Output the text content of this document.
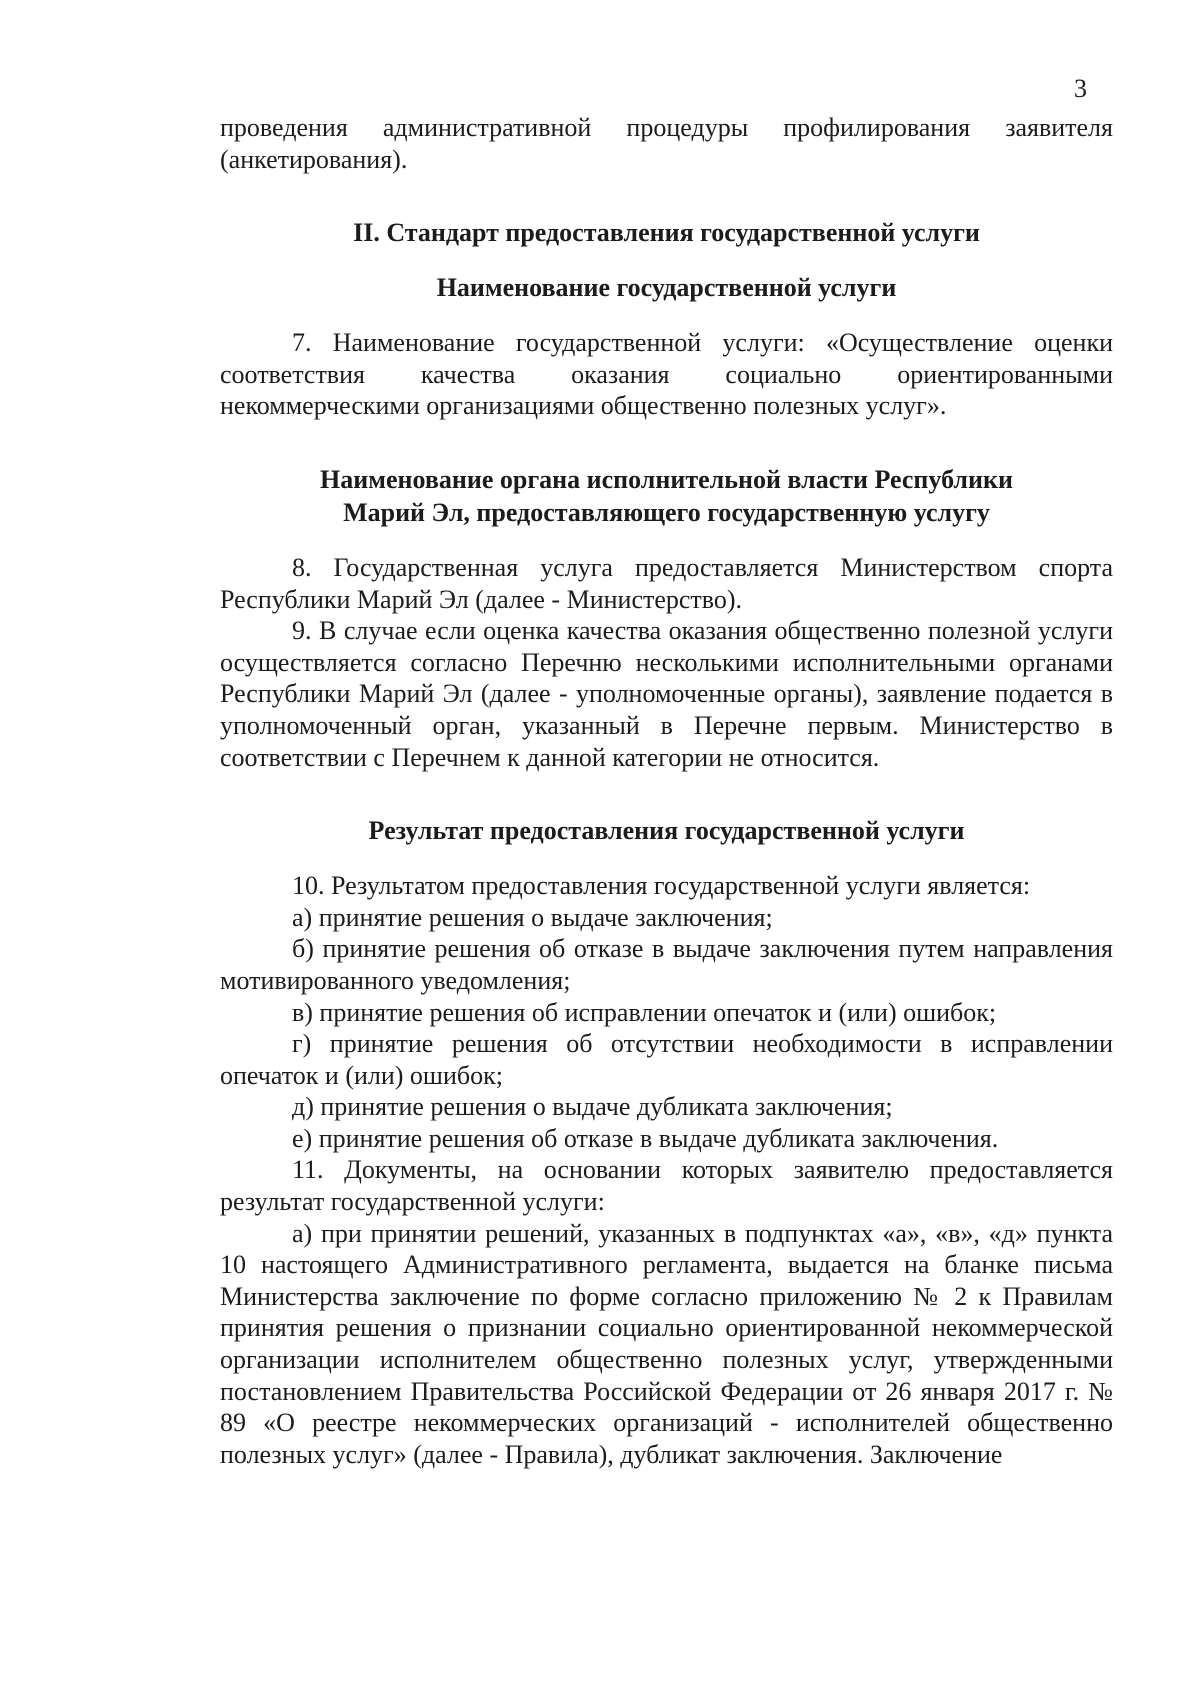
3

проведения административной процедуры профилирования заявителя (анкетирования).

II. Стандарт предоставления государственной услуги

Наименование государственной услуги

7. Наименование государственной услуги: «Осуществление оценки соответствия качества оказания социально ориентированными некоммерческими организациями общественно полезных услуг».

Наименование органа исполнительной власти Республики

Марий Эл, предоставляющего государственную услугу

8. Государственная услуга предоставляется Министерством спорта Республики Марий Эл (далее - Министерство).

9. В случае если оценка качества оказания общественно полезной услуги осуществляется согласно Перечню несколькими исполнительными органами Республики Марий Эл (далее - уполномоченные органы), заявление подается в уполномоченный орган, указанный в Перечне первым. Министерство в соответствии с Перечнем к данной категории не относится.

Результат предоставления государственной услуги

10. Результатом предоставления государственной услуги является:

а) принятие решения о выдаче заключения;

б) принятие решения об отказе в выдаче заключения путем направления мотивированного уведомления;

в) принятие решения об исправлении опечаток и (или) ошибок;

г) принятие решения об отсутствии необходимости в исправлении опечаток и (или) ошибок;

д) принятие решения о выдаче дубликата заключения;

е) принятие решения об отказе в выдаче дубликата заключения.

11. Документы, на основании которых заявителю предоставляется результат государственной услуги:

а) при принятии решений, указанных в подпунктах «а», «в», «д» пункта 10 настоящего Административного регламента, выдается на бланке письма Министерства заключение по форме согласно приложению № 2 к Правилам принятия решения о признании социально ориентированной некоммерческой организации исполнителем общественно полезных услуг, утвержденными постановлением Правительства Российской Федерации от 26 января 2017 г. № 89 «О реестре некоммерческих организаций - исполнителей общественно полезных услуг» (далее - Правила), дубликат заключения. Заключение
